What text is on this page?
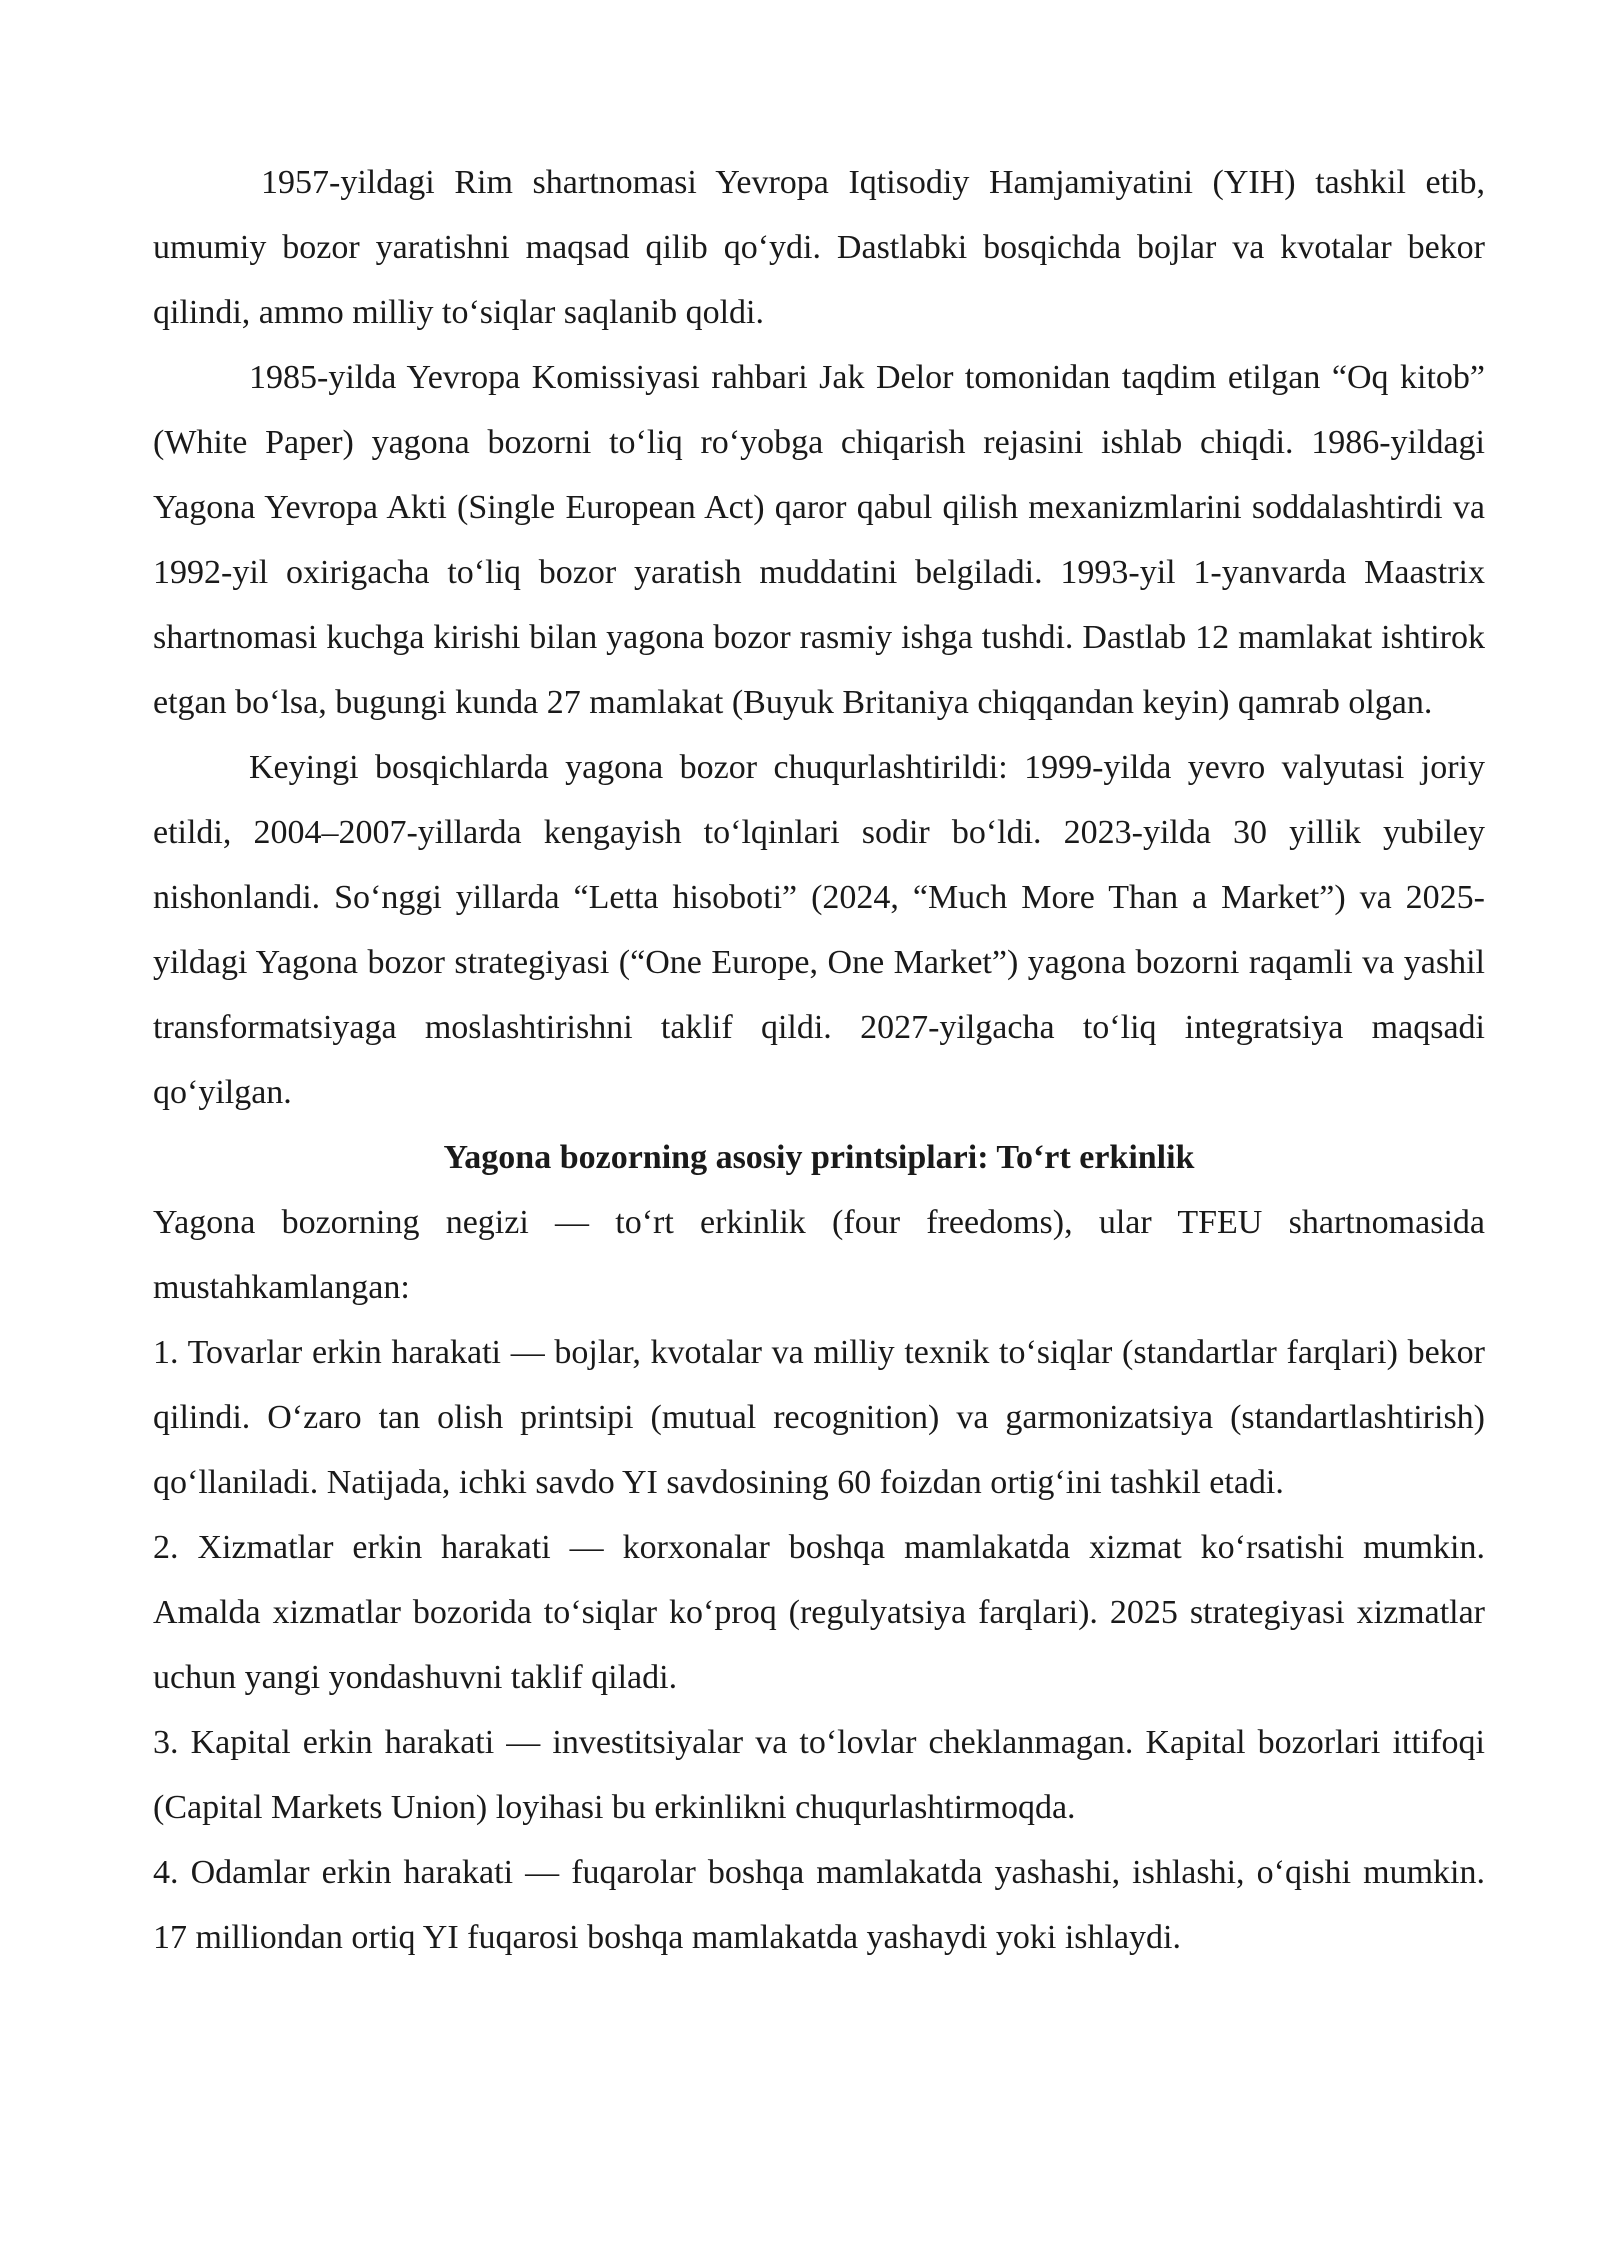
1957-yildagi Rim shartnomasi Yevropa Iqtisodiy Hamjamiyatini (YIH) tashkil etib, umumiy bozor yaratishni maqsad qilib qo‘ydi. Dastlabki bosqichda bojlar va kvotalar bekor qilindi, ammo milliy to‘siqlar saqlanib qoldi.

1985-yilda Yevropa Komissiyasi rahbari Jak Delor tomonidan taqdim etilgan “Oq kitob” (White Paper) yagona bozorni to‘liq ro‘yobga chiqarish rejasini ishlab chiqdi. 1986-yildagi Yagona Yevropa Akti (Single European Act) qaror qabul qilish mexanizmlarini soddalashtirdi va 1992-yil oxirigacha to‘liq bozor yaratish muddatini belgiladi. 1993-yil 1-yanvarda Maastrix shartnomasi kuchga kirishi bilan yagona bozor rasmiy ishga tushdi. Dastlab 12 mamlakat ishtirok etgan bo‘lsa, bugungi kunda 27 mamlakat (Buyuk Britaniya chiqqandan keyin) qamrab olgan.

Keyingi bosqichlarda yagona bozor chuqurlashtirildi: 1999-yilda yevro valyutasi joriy etildi, 2004–2007-yillarda kengayish to‘lqinlari sodir bo‘ldi. 2023-yilda 30 yillik yubiley nishonlandi. So‘nggi yillarda “Letta hisoboti” (2024, “Much More Than a Market”) va 2025-yildagi Yagona bozor strategiyasi (“One Europe, One Market”) yagona bozorni raqamli va yashil transformatsiyaga moslashtirishni taklif qildi. 2027-yilgacha to‘liq integratsiya maqsadi qo‘yilgan.

Yagona bozorning asosiy printsiplari: To‘rt erkinlik

Yagona bozorning negizi — to‘rt erkinlik (four freedoms), ular TFEU shartnomasida mustahkamlangan:

1. Tovarlar erkin harakati — bojlar, kvotalar va milliy texnik to‘siqlar (standartlar farqlari) bekor qilindi. O‘zaro tan olish printsipi (mutual recognition) va garmonizatsiya (standartlashtirish) qo‘llaniladi. Natijada, ichki savdo YI savdosining 60 foizdan ortig‘ini tashkil etadi.

2. Xizmatlar erkin harakati — korxonalar boshqa mamlakatda xizmat ko‘rsatishi mumkin. Amalda xizmatlar bozorida to‘siqlar ko‘proq (regulyatsiya farqlari). 2025 strategiyasi xizmatlar uchun yangi yondashuvni taklif qiladi.

3. Kapital erkin harakati — investitsiyalar va to‘lovlar cheklanmagan. Kapital bozorlari ittifoqi (Capital Markets Union) loyihasi bu erkinlikni chuqurlashtirmoqda.

4. Odamlar erkin harakati — fuqarolar boshqa mamlakatda yashashi, ishlashi, o‘qishi mumkin. 17 milliondan ortiq YI fuqarosi boshqa mamlakatda yashaydi yoki ishlaydi.
